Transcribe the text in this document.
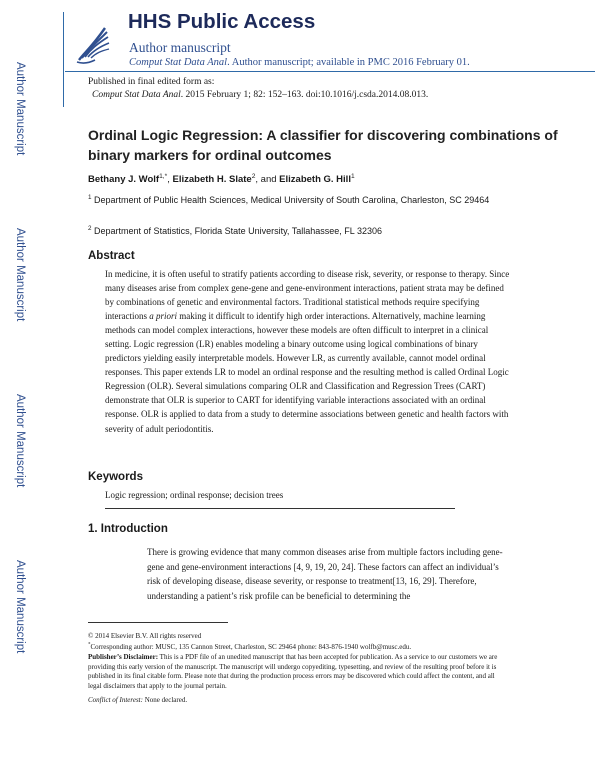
Author Manuscript
Author Manuscript
Author Manuscript
Author Manuscript
HHS Public Access
Author manuscript
Comput Stat Data Anal. Author manuscript; available in PMC 2016 February 01.
Published in final edited form as:
Comput Stat Data Anal. 2015 February 1; 82: 152–163. doi:10.1016/j.csda.2014.08.013.
Ordinal Logic Regression: A classifier for discovering combinations of binary markers for ordinal outcomes
Bethany J. Wolf$^{1,*}$, Elizabeth H. Slate$^2$, and Elizabeth G. Hill$^1$
$^1$ Department of Public Health Sciences, Medical University of South Carolina, Charleston, SC 29464
$^2$ Department of Statistics, Florida State University, Tallahassee, FL 32306
Abstract
In medicine, it is often useful to stratify patients according to disease risk, severity, or response to therapy. Since many diseases arise from complex gene-gene and gene-environment interactions, patient strata may be defined by combinations of genetic and environmental factors. Traditional statistical methods require specifying interactions a priori making it difficult to identify high order interactions. Alternatively, machine learning methods can model complex interactions, however these models are often difficult to interpret in a clinical setting. Logic regression (LR) enables modeling a binary outcome using logical combinations of binary predictors yielding easily interpretable models. However LR, as currently available, cannot model ordinal responses. This paper extends LR to model an ordinal response and the resulting method is called Ordinal Logic Regression (OLR). Several simulations comparing OLR and Classification and Regression Trees (CART) demonstrate that OLR is superior to CART for identifying variable interactions associated with an ordinal response. OLR is applied to data from a study to determine associations between genetic and health factors with severity of adult periodontitis.
Keywords
Logic regression; ordinal response; decision trees
1. Introduction
There is growing evidence that many common diseases arise from multiple factors including gene-gene and gene-environment interactions [4, 9, 19, 20, 24]. These factors can affect an individual’s risk of developing disease, disease severity, or response to treatment[13, 16, 29]. Therefore, understanding a patient’s risk profile can be beneficial to determining the
© 2014 Elsevier B.V. All rights reserved
*Corresponding author: MUSC, 135 Cannon Street, Charleston, SC 29464 phone: 843-876-1940 wolfb@musc.edu.
Publisher’s Disclaimer: This is a PDF file of an unedited manuscript that has been accepted for publication. As a service to our customers we are providing this early version of the manuscript. The manuscript will undergo copyediting, typesetting, and review of the resulting proof before it is published in its final citable form. Please note that during the production process errors may be discovered which could affect the content, and all legal disclaimers that apply to the journal pertain.
Conflict of Interest: None declared.
